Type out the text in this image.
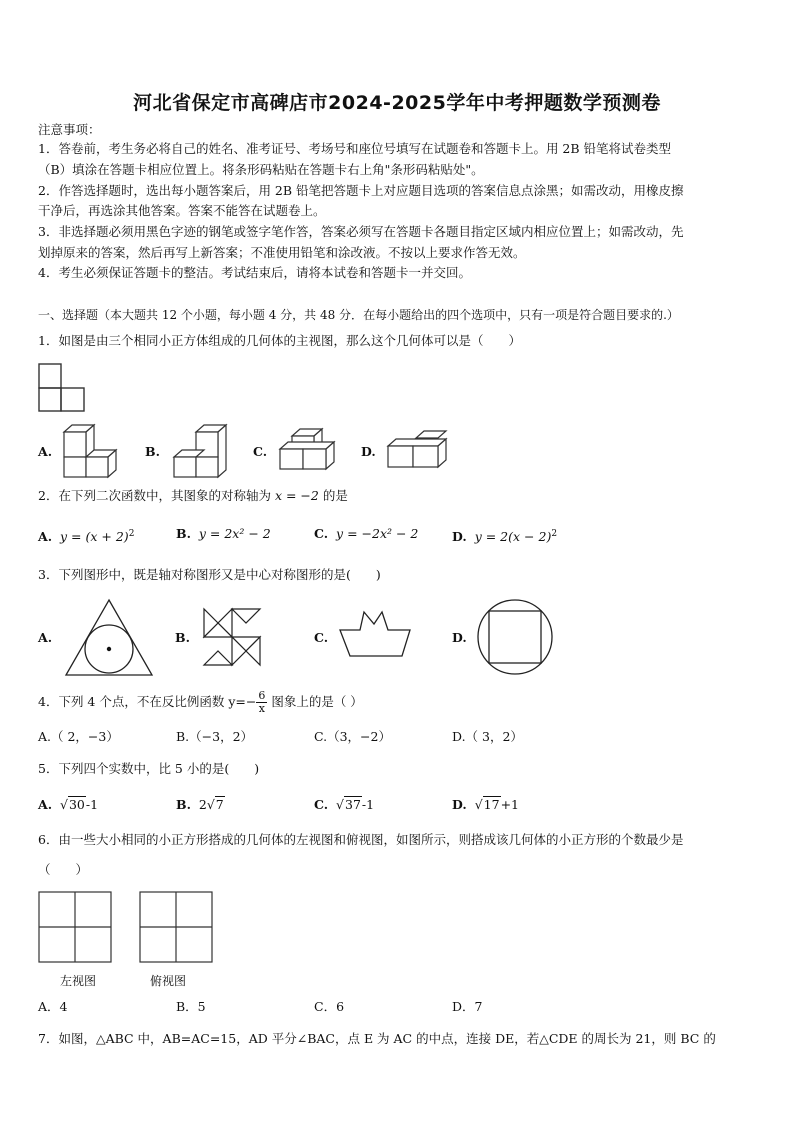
河北省保定市高碑店市2024-2025学年中考押题数学预测卷
注意事项：
1．答卷前，考生务必将自己的姓名、准考证号、考场号和座位号填写在试题卷和答题卡上。用 2B 铅笔将试卷类型
（B）填涂在答题卡相应位置上。将条形码粘贴在答题卡右上角"条形码粘贴处"。
2．作答选择题时，选出每小题答案后，用 2B 铅笔把答题卡上对应题目选项的答案信息点涂黑；如需改动，用橡皮擦
干净后，再选涂其他答案。答案不能答在试题卷上。
3．非选择题必须用黑色字迹的钢笔或签字笔作答，答案必须写在答题卡各题目指定区域内相应位置上；如需改动，先
划掉原来的答案，然后再写上新答案；不准使用铅笔和涂改液。不按以上要求作答无效。
4．考生必须保证答题卡的整洁。考试结束后，请将本试卷和答题卡一并交回。
一、选择题（本大题共 12 个小题，每小题 4 分，共 48 分．在每小题给出的四个选项中，只有一项是符合题目要求的.）
1．如图是由三个相同小正方体组成的几何体的主视图，那么这个几何体可以是（　　）
A.	B.	C.	D.
2．在下列二次函数中，其图象的对称轴为 x = −2 的是
A. $y = (x + 2)^2$	B. y = 2x² − 2	C. y = −2x² − 2	D. $y = 2(x - 2)^2$
3．下列图形中，既是轴对称图形又是中心对称图形的是(　　)
A.	B.	C.	D.
4．下列 4 个点，不在反比例函数 $y=- \frac{6}{x}$ 图象上的是（ ）
A.（ 2，−3）	B.（−3，2）	C.（3，−2）	D.（ 3，2）
5．下列四个实数中，比 5 小的是(　　)
A. √30-1	B. 2√7	C. √37-1	D. √17+1
6．由一些大小相同的小正方形搭成的几何体的左视图和俯视图，如图所示，则搭成该几何体的小正方形的个数最少是
（　　）
左视图	俯视图
A．4	B．5	C．6	D．7
7．如图，△ABC 中，AB=AC=15，AD 平分∠BAC，点 E 为 AC 的中点，连接 DE，若△CDE 的周长为 21，则 BC 的
